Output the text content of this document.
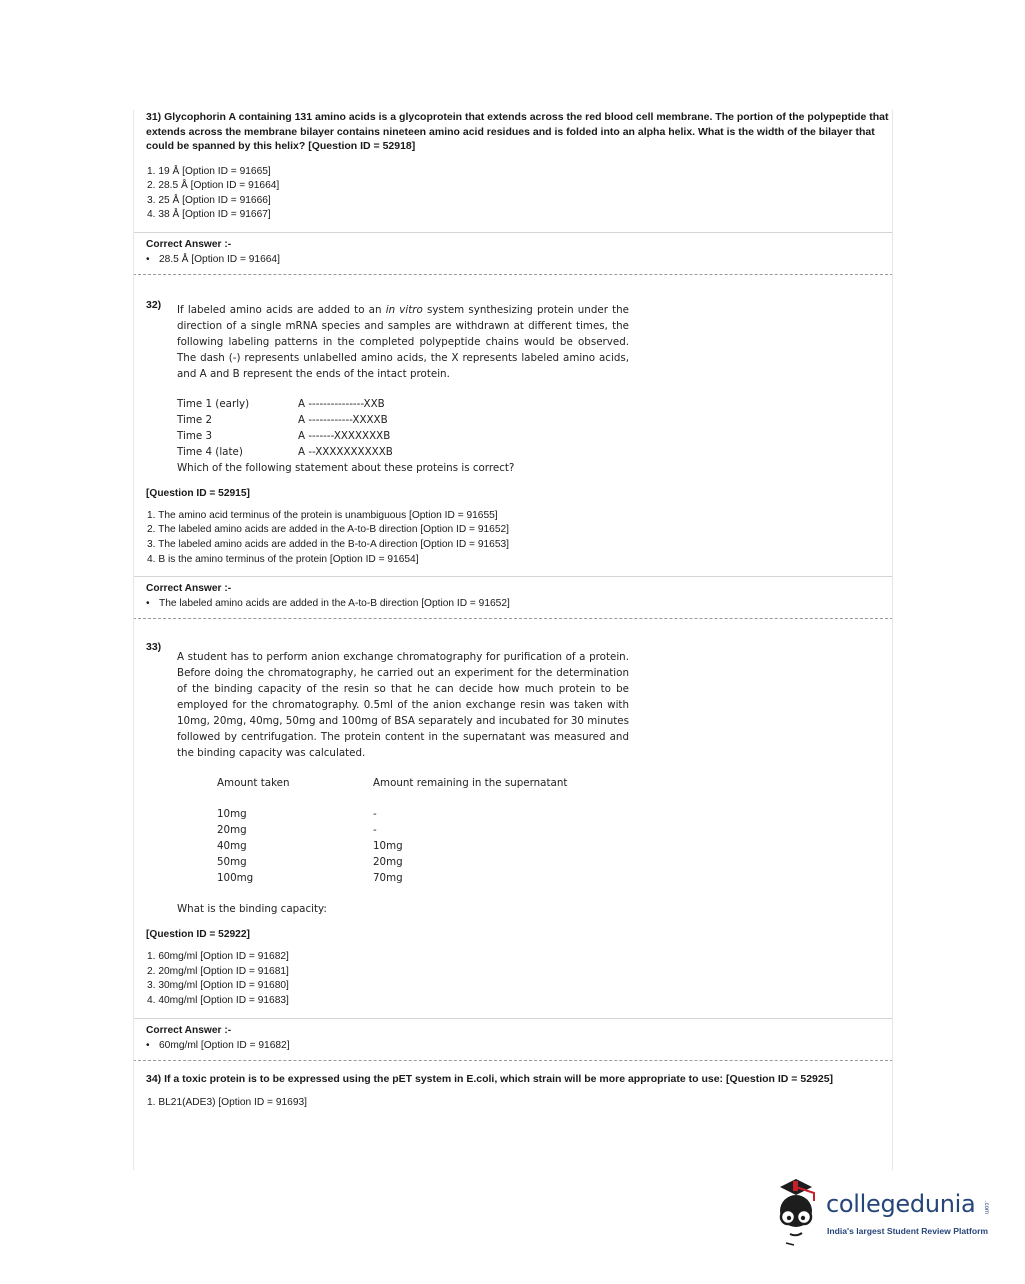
31) Glycophorin A containing 131 amino acids is a glycoprotein that extends across the red blood cell membrane. The portion of the polypeptide that extends across the membrane bilayer contains nineteen amino acid residues and is folded into an alpha helix. What is the width of the bilayer that could be spanned by this helix? [Question ID = 52918]

1. 19 Å [Option ID = 91665]
2. 28.5 Å [Option ID = 91664]
3. 25 Å [Option ID = 91666]
4. 38 Å [Option ID = 91667]
Correct Answer :-
• 28.5 Å [Option ID = 91664]
32)	If labeled amino acids are added to an in vitro system synthesizing protein under the direction of a single mRNA species and samples are withdrawn at different times, the following labeling patterns in the completed polypeptide chains would be observed. The dash (-) represents unlabelled amino acids, the X represents labeled amino acids, and A and B represent the ends of the intact protein.

Time 1 (early)	A ---------------XXB
Time 2	A ------------XXXXB
Time 3	A -------XXXXXXXB
Time 4 (late)	A --XXXXXXXXXXB

Which of the following statement about these proteins is correct?

[Question ID = 52915]
1. The amino acid terminus of the protein is unambiguous [Option ID = 91655]
2. The labeled amino acids are added in the A-to-B direction [Option ID = 91652]
3. The labeled amino acids are added in the B-to-A direction [Option ID = 91653]
4. B is the amino terminus of the protein [Option ID = 91654]
Correct Answer :-
• The labeled amino acids are added in the A-to-B direction [Option ID = 91652]
33)

A student has to perform anion exchange chromatography for purification of a protein. Before doing the chromatography, he carried out an experiment for the determination of the binding capacity of the resin so that he can decide how much protein to be employed for the chromatography. 0.5ml of the anion exchange resin was taken with 10mg, 20mg, 40mg, 50mg and 100mg of BSA separately and incubated for 30 minutes followed by centrifugation. The protein content in the supernatant was measured and the binding capacity was calculated.

Amount taken	Amount remaining in the supernatant
10mg	-
20mg	-
40mg	10mg
50mg	20mg
100mg	70mg

What is the binding capacity:

[Question ID = 52922]
1. 60mg/ml [Option ID = 91682]
2. 20mg/ml [Option ID = 91681]
3. 30mg/ml [Option ID = 91680]
4. 40mg/ml [Option ID = 91683]
Correct Answer :-
• 60mg/ml [Option ID = 91682]

34) If a toxic protein is to be expressed using the pET system in E.coli, which strain will be more appropriate to use: [Question ID = 52925]

1. BL21(ADE3) [Option ID = 91693]
collegedunia .com
India's largest Student Review Platform
